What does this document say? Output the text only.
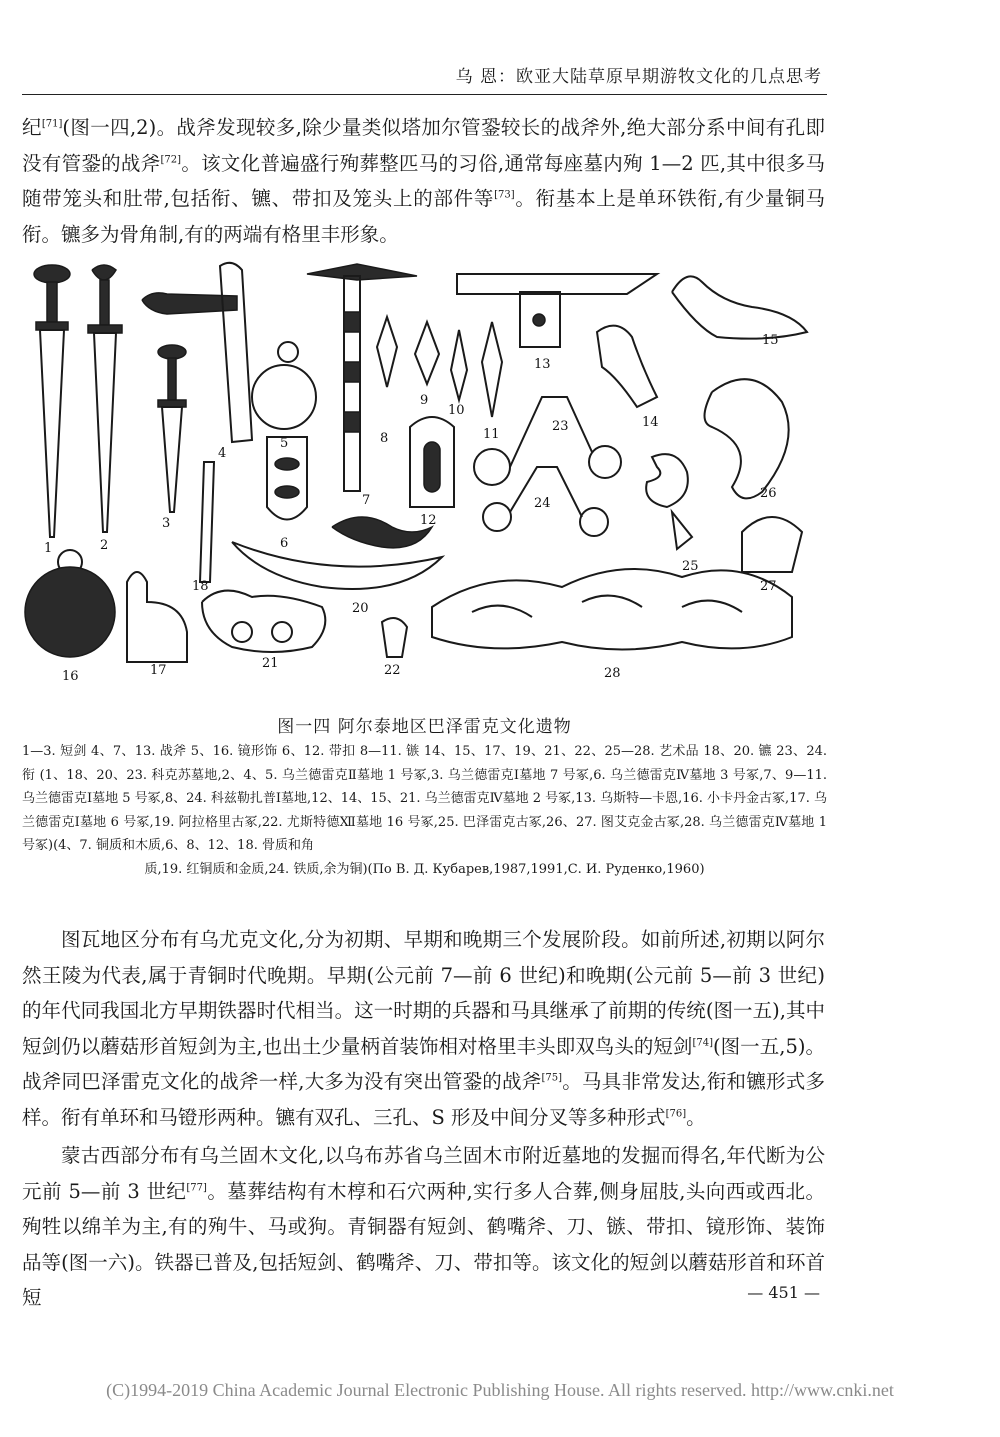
乌 恩：欧亚大陆草原早期游牧文化的几点思考

纪[71](图一四,2)。战斧发现较多,除少量类似塔加尔管銎较长的战斧外,绝大部分系中间有孔即没有管銎的战斧[72]。该文化普遍盛行殉葬整匹马的习俗,通常每座墓内殉 1—2 匹,其中很多马随带笼头和肚带,包括衔、镳、带扣及笼头上的部件等[73]。衔基本上是单环铁衔,有少量铜马衔。镳多为骨角制,有的两端有格里丰形象。

1	2
3
4
5
6
7
8
9
10
11
12
13
14
15
16	17
18
20
21	22
23
24
25
26
27
28
图一四 阿尔泰地区巴泽雷克文化遗物

1—3. 短剑 4、7、13. 战斧 5、16. 镜形饰 6、12. 带扣 8—11. 镞 14、15、17、19、21、22、25—28. 艺术品 18、20. 镳 23、24. 衔 (1、18、20、23. 科克苏墓地,2、4、5. 乌兰德雷克Ⅱ墓地 1 号冢,3. 乌兰德雷克Ⅰ墓地 7 号冢,6. 乌兰德雷克Ⅳ墓地 3 号冢,7、9—11. 乌兰德雷克Ⅰ墓地 5 号冢,8、24. 科兹勒扎普Ⅰ墓地,12、14、15、21. 乌兰德雷克Ⅳ墓地 2 号冢,13. 乌斯特—卡恩,16. 小卡丹金古冢,17. 乌兰德雷克Ⅰ墓地 6 号冢,19. 阿拉格里古冢,22. 尤斯特德Ⅻ墓地 16 号冢,25. 巴泽雷克古冢,26、27. 图艾克金古冢,28. 乌兰德雷克Ⅳ墓地 1 号冢)(4、7. 铜质和木质,6、8、12、18. 骨质和角
质,19. 红铜质和金质,24. 铁质,余为铜)(По В. Д. Кубарев,1987,1991,С. И. Руденко,1960)

图瓦地区分布有乌尤克文化,分为初期、早期和晚期三个发展阶段。如前所述,初期以阿尔然王陵为代表,属于青铜时代晚期。早期(公元前 7—前 6 世纪)和晚期(公元前 5—前 3 世纪)的年代同我国北方早期铁器时代相当。这一时期的兵器和马具继承了前期的传统(图一五),其中短剑仍以蘑菇形首短剑为主,也出土少量柄首装饰相对格里丰头即双鸟头的短剑[74](图一五,5)。战斧同巴泽雷克文化的战斧一样,大多为没有突出管銎的战斧[75]。马具非常发达,衔和镳形式多样。衔有单环和马镫形两种。镳有双孔、三孔、S 形及中间分叉等多种形式[76]。

蒙古西部分布有乌兰固木文化,以乌布苏省乌兰固木市附近墓地的发掘而得名,年代断为公元前 5—前 3 世纪[77]。墓葬结构有木椁和石穴两种,实行多人合葬,侧身屈肢,头向西或西北。殉牲以绵羊为主,有的殉牛、马或狗。青铜器有短剑、鹤嘴斧、刀、镞、带扣、镜形饰、装饰品等(图一六)。铁器已普及,包括短剑、鹤嘴斧、刀、带扣等。该文化的短剑以蘑菇形首和环首短	— 451 —
(C)1994-2019 China Academic Journal Electronic Publishing House. All rights reserved. http://www.cnki.net
